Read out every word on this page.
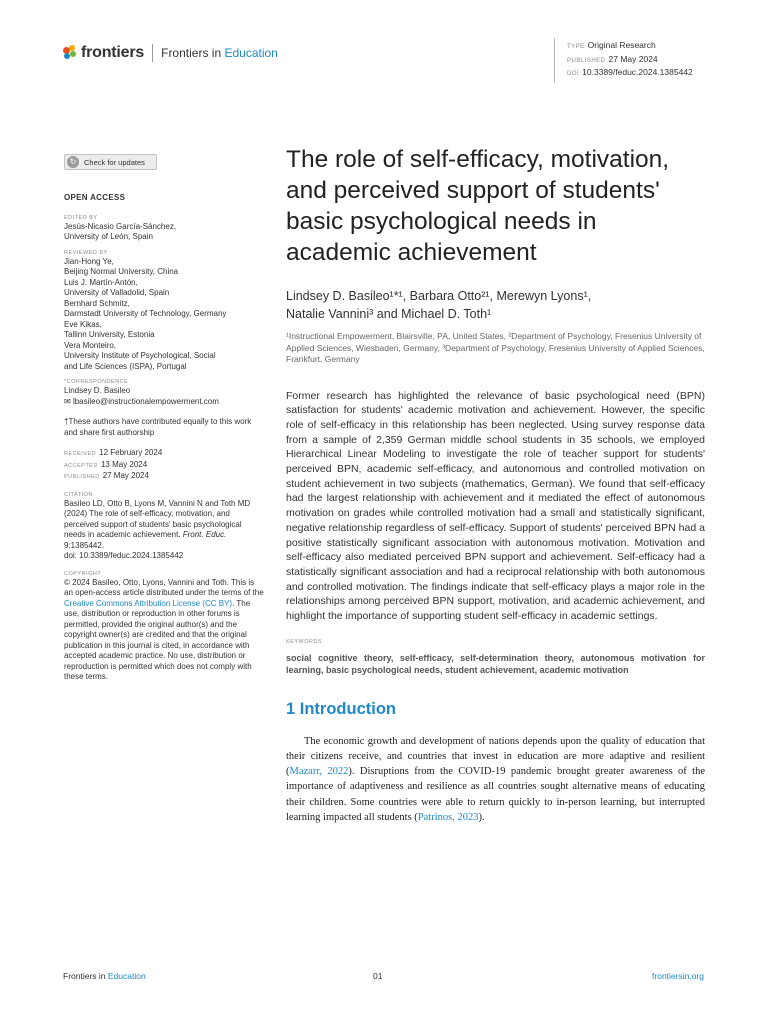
frontiers Frontiers in Education	TYPE Original Research
PUBLISHED 27 May 2024
DOI 10.3389/feduc.2024.1385442
↻	Check for updates
OPEN ACCESS
EDITED BY
Jesús-Nicasio García-Sánchez,
University of León, Spain
REVIEWED BY
Jian-Hong Ye,
Beijing Normal University, China
Luis J. Martín-Antón,
University of Valladolid, Spain
Bernhard Schmitz,
Darmstadt University of Technology, Germany
Eve Kikas,
Tallinn University, Estonia
Vera Monteiro,
University Institute of Psychological, Social
and Life Sciences (ISPA), Portugal
*CORRESPONDENCE
Lindsey D. Basileo
✉ lbasileo@instructionalempowerment.com
†These authors have contributed equally to this work and share first authorship
RECEIVED 12 February 2024
ACCEPTED 13 May 2024
PUBLISHED 27 May 2024
CITATION
Basileo LD, Otto B, Lyons M, Vannini N and Toth MD (2024) The role of self-efficacy, motivation, and perceived support of students' basic psychological needs in academic achievement. Front. Educ. 9:1385442.
doi: 10.3389/feduc.2024.1385442
COPYRIGHT
© 2024 Basileo, Otto, Lyons, Vannini and Toth. This is an open-access article distributed under the terms of the Creative Commons Attribution License (CC BY). The use, distribution or reproduction in other forums is permitted, provided the original author(s) and the copyright owner(s) are credited and that the original publication in this journal is cited, in accordance with accepted academic practice. No use, distribution or reproduction is permitted which does not comply with these terms.
The role of self-efficacy, motivation, and perceived support of students' basic psychological needs in academic achievement
Lindsey D. Basileo¹*¹, Barbara Otto²¹, Merewyn Lyons¹,
Natalie Vannini³ and Michael D. Toth¹
¹Instructional Empowerment, Blairsville, PA, United States, ²Department of Psychology, Fresenius University of Applied Sciences, Wiesbaden, Germany, ³Department of Psychology, Fresenius University of Applied Sciences, Frankfurt, Germany

Former research has highlighted the relevance of basic psychological need (BPN) satisfaction for students' academic motivation and achievement. However, the specific role of self-efficacy in this relationship has been neglected. Using survey response data from a sample of 2,359 German middle school students in 35 schools, we employed Hierarchical Linear Modeling to investigate the role of teacher support for students' perceived BPN, academic self-efficacy, and autonomous and controlled motivation on student achievement in two subjects (mathematics, German). We found that self-efficacy had the largest relationship with achievement and it mediated the effect of autonomous motivation on grades while controlled motivation had a small and statistically significant, negative relationship regardless of self-efficacy. Support of students' perceived BPN had a positive statistically significant association with autonomous motivation. Motivation and self-efficacy also mediated perceived BPN support and achievement. Self-efficacy had a statistically significant association and had a reciprocal relationship with both autonomous and controlled motivation. The findings indicate that self-efficacy plays a major role in the relationships among perceived BPN support, motivation, and academic achievement, and highlight the importance of supporting student self-efficacy in academic settings.

KEYWORDS
social cognitive theory, self-efficacy, self-determination theory, autonomous motivation for learning, basic psychological needs, student achievement, academic motivation
1 Introduction

The economic growth and development of nations depends upon the quality of education that their citizens receive, and countries that invest in education are more adaptive and resilient (Mazarr, 2022). Disruptions from the COVID-19 pandemic brought greater awareness of the importance of adaptiveness and resilience as all countries sought alternative means of educating their children. Some countries were able to return quickly to in-person learning, but interrupted learning impacted all students (Patrinos, 2023).

Frontiers in Education	01	frontiersin.org
